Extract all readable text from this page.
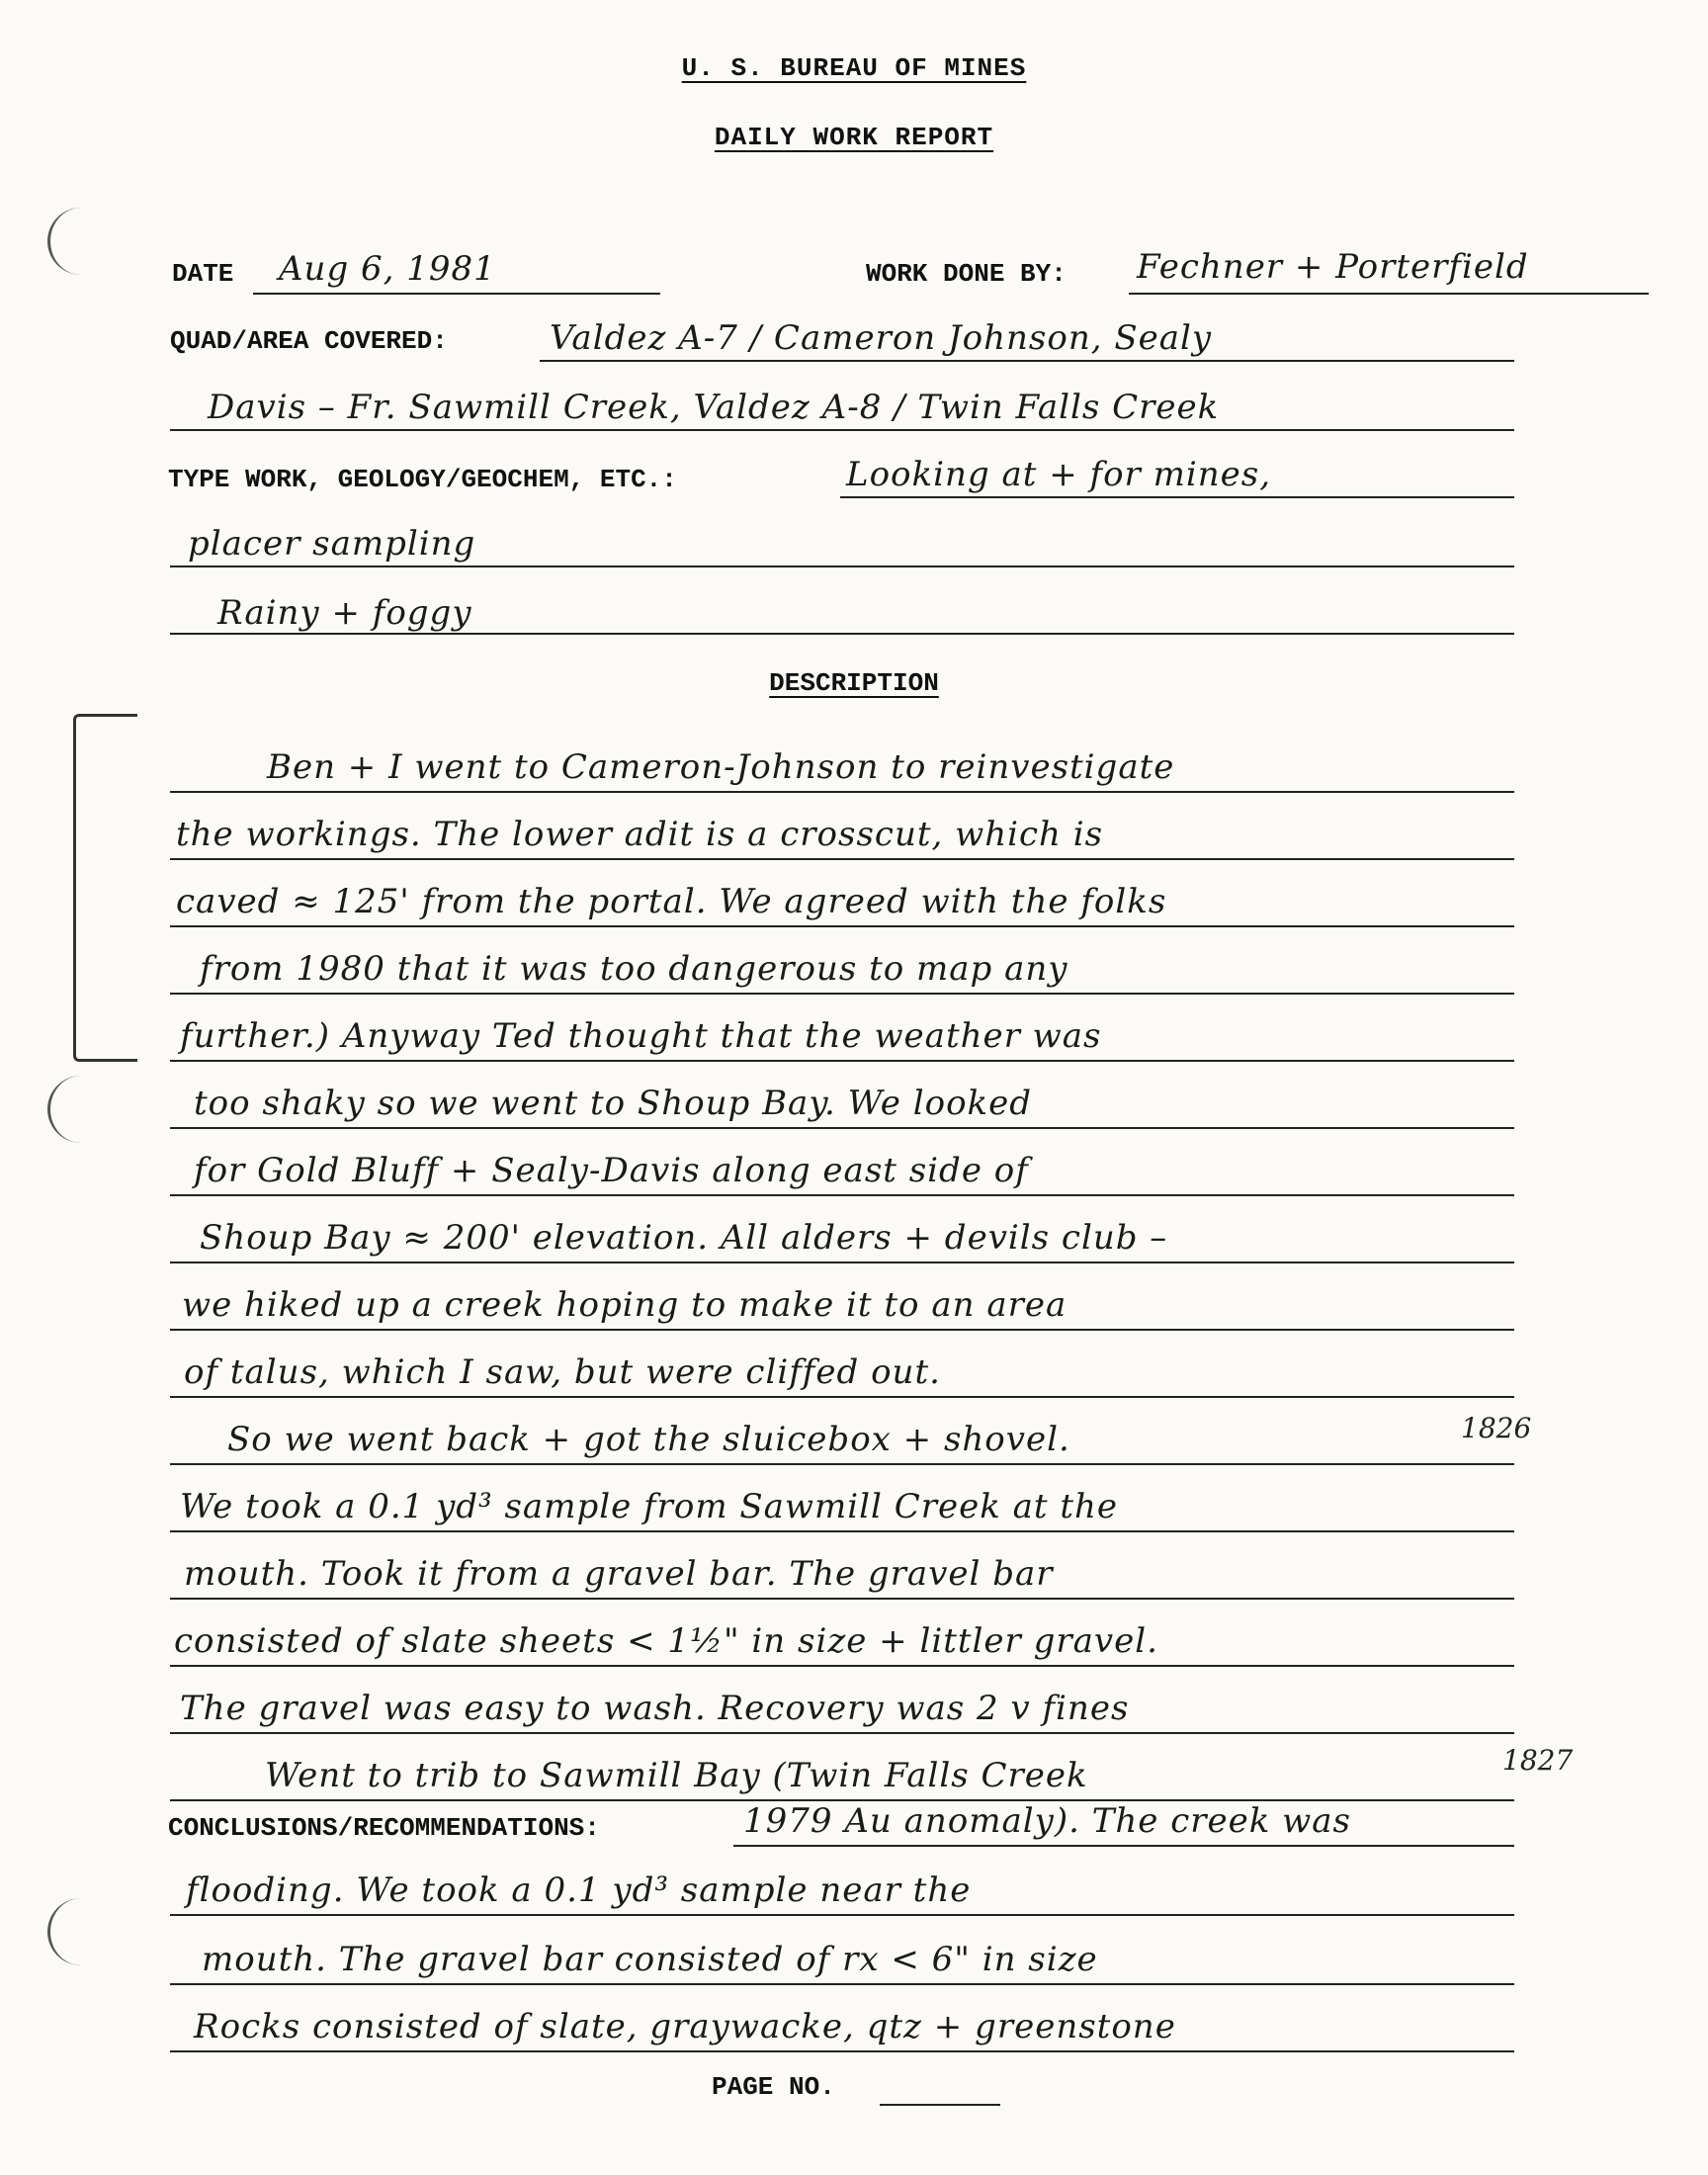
U. S. BUREAU OF MINES
DAILY WORK REPORT
DATE Aug 6, 1981	WORK DONE BY: Fechner + Porterfield
QUAD/AREA COVERED:	Valdez A-7 / Cameron Johnson, Sealy
Davis – Fr. Sawmill Creek, Valdez A-8 / Twin Falls Creek
TYPE WORK, GEOLOGY/GEOCHEM, ETC.:	Looking at + for mines,
placer sampling
Rainy + foggy
DESCRIPTION
Ben + I went to Cameron-Johnson to reinvestigate
the workings. The lower adit is a crosscut, which is
caved ≈ 125' from the portal. We agreed with the folks
from 1980 that it was too dangerous to map any
further.) Anyway Ted thought that the weather was
too shaky so we went to Shoup Bay. We looked
for Gold Bluff + Sealy-Davis along east side of
Shoup Bay ≈ 200' elevation. All alders + devils club –
we hiked up a creek hoping to make it to an area
of talus, which I saw, but were cliffed out.
So we went back + got the sluicebox + shovel.
We took a 0.1 yd³ sample from Sawmill Creek at the
mouth. Took it from a gravel bar. The gravel bar
consisted of slate sheets < 1½" in size + littler gravel.
The gravel was easy to wash. Recovery was 2 v fines
Went to trib to Sawmill Bay (Twin Falls Creek
1826
1827
CONCLUSIONS/RECOMMENDATIONS:	1979 Au anomaly). The creek was
flooding. We took a 0.1 yd³ sample near the
mouth. The gravel bar consisted of rx < 6" in size
Rocks consisted of slate, graywacke, qtz + greenstone
PAGE NO.
